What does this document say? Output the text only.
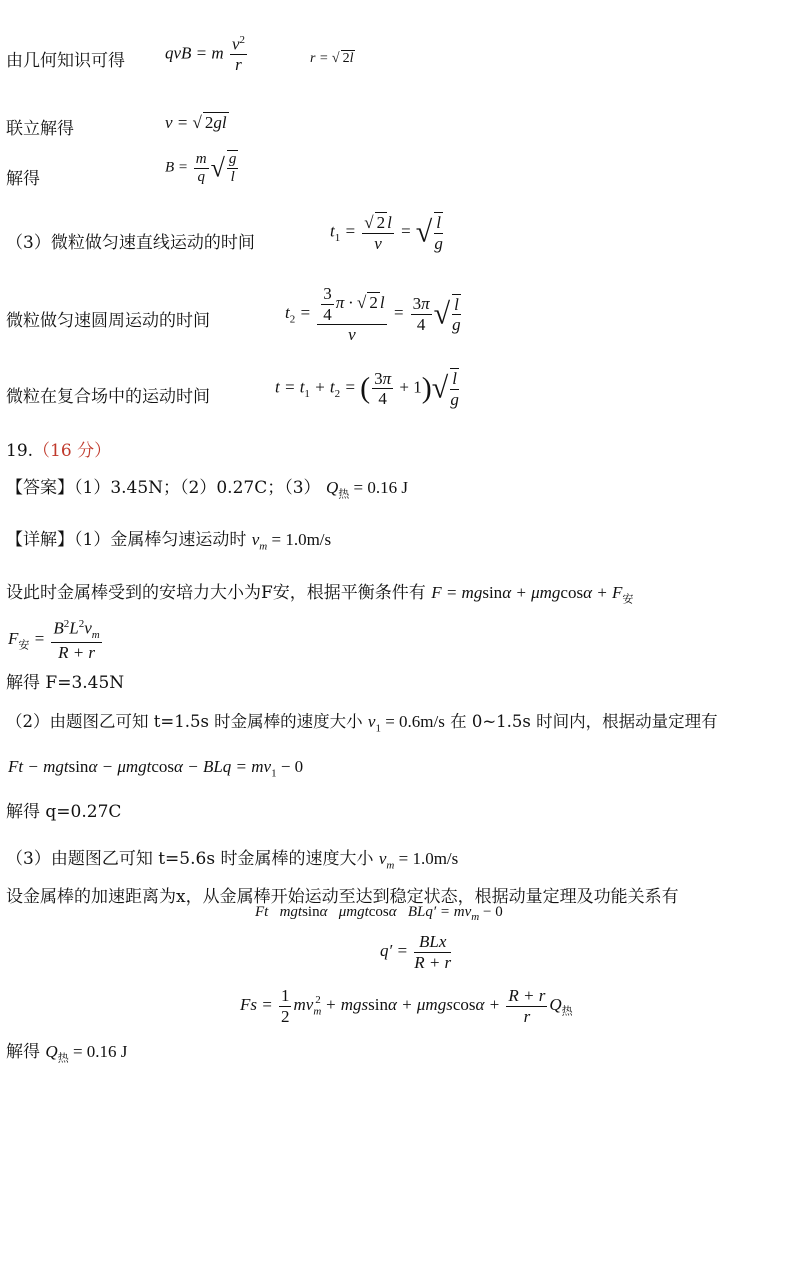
由几何知识可得 qvB = m $\frac{v^2}{r}$	r = √ 2l
联立解得	v = √ 2gl
解得
$B = \frac{m}{q}$ √ $\frac{g}{l}$
（3）微粒做匀速直线运动的时间
$t_1 = \frac{√ 2 l}{v}$ = √ $\frac{l}{g}$
微粒做匀速圆周运动的时间	$t_2 = \frac{\frac{3}{4} \pi \cdot √ 2 l}{v} = \frac{3\pi}{4}$ √ $\frac{l}{g}$
微粒在复合场中的运动时间
$t = t_1 + t_2$ = ( $\frac{3\pi}{4} + 1)√ \frac{l}{g}$
19.（16 分）
【答案】（1）3.45N；（2）0.27C；（3） $Q_热 = 0.16$ J
【详解】（1）金属棒匀速运动时 $v_m = 1.0m/s$
设此时金属棒受到的安培力大小为F安，根据平衡条件有 $F = mgsin\alpha + \mu mgcos\alpha + F_安$
$F_安 = \frac{B^2L^2v_m}{R + r}$
解得 F=3.45N
（2）由题图乙可知 t=1.5s 时金属棒的速度大小 $v_1 = 0.6m/s$ 在 0~1.5s 时间内，根据动量定理有
Ft − mgtsinα − μmgtcosα − BLq = $mv_1 - 0$
解得 q=0.27C
（3）由题图乙可知 t=5.6s 时金属棒的速度大小 $v_m = 1.0m/s$
设金属棒的加速距离为x，从金属棒开始运动至达到稳定状态，根据动量定理及功能关系有
Ft   mgtsinα   μmgtcosα   $BLq' = mv_m - 0$
q′ = BLx
R + r
$Fs = \frac{1}{2} mv_m^2 + mgssin\alpha + \mu mgscos\alpha + \frac{R + r}{r} Q_热$
解得 $Q_热 = 0.16$ J
